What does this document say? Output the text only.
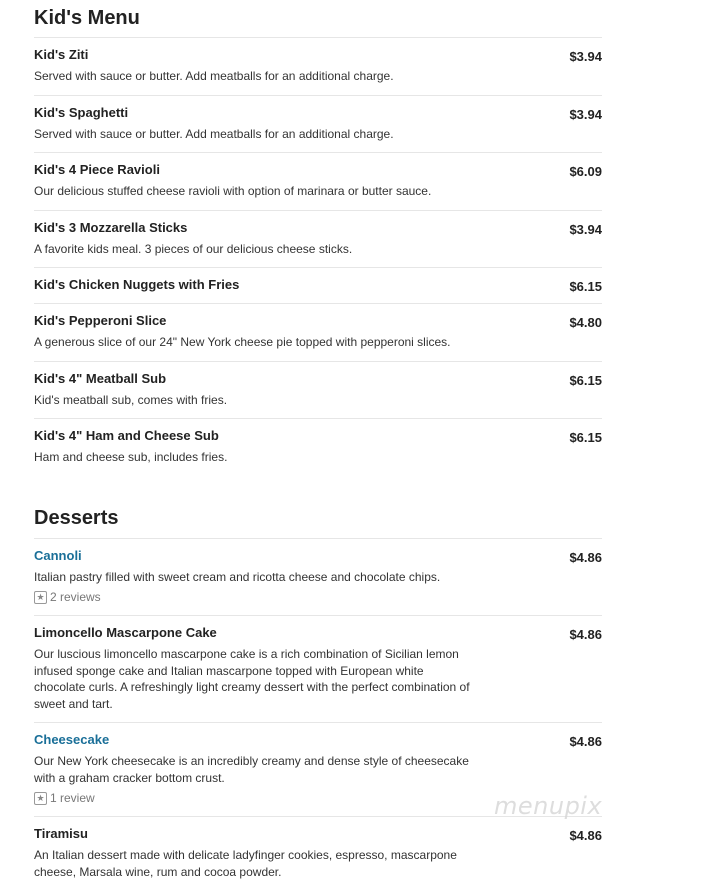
Kid's Menu
Kid's Ziti	$3.94

Served with sauce or butter. Add meatballs for an additional charge.

Kid's Spaghetti	$3.94

Served with sauce or butter. Add meatballs for an additional charge.

Kid's 4 Piece Ravioli	$6.09

Our delicious stuffed cheese ravioli with option of marinara or butter sauce.

Kid's 3 Mozzarella Sticks	$3.94

A favorite kids meal. 3 pieces of our delicious cheese sticks.

Kid's Chicken Nuggets with Fries	$6.15
Kid's Pepperoni Slice	$4.80

A generous slice of our 24" New York cheese pie topped with pepperoni slices.

Kid's 4" Meatball Sub	$6.15

Kid's meatball sub, comes with fries.

Kid's 4" Ham and Cheese Sub	$6.15

Ham and cheese sub, includes fries.

Desserts
Cannoli	$4.86

Italian pastry filled with sweet cream and ricotta cheese and chocolate chips.

★ 2 reviews
Limoncello Mascarpone Cake	$4.86

Our luscious limoncello mascarpone cake is a rich combination of Sicilian lemon infused sponge cake and Italian mascarpone topped with European white chocolate curls. A refreshingly light creamy dessert with the perfect combination of sweet and tart.

Cheesecake	$4.86

Our New York cheesecake is an incredibly creamy and dense style of cheesecake with a graham cracker bottom crust.

★ 1 review
Tiramisu	$4.86

An Italian dessert made with delicate ladyfinger cookies, espresso, mascarpone cheese, Marsala wine, rum and cocoa powder.

menupix
